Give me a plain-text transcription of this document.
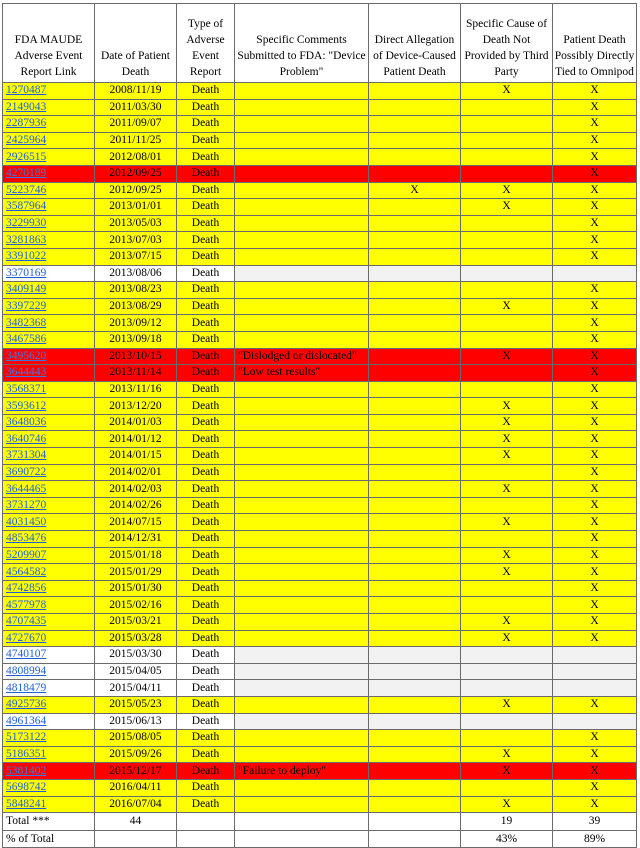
FDA MAUDE Adverse Event Report Link	Date of Patient Death	Type of Adverse Event Report	Specific Comments Submitted to FDA: "Device Problem"	Direct Allegation of Device-Caused Patient Death	Specific Cause of Death Not Provided by Third Party	Patient Death Possibly Directly Tied to Omnipod
1270487	2008/11/19	Death			X	X
2149043	2011/03/30	Death				X
2287936	2011/09/07	Death				X
2425964	2011/11/25	Death				X
2926515	2012/08/01	Death				X
4270189	2012/09/25	Death				X
5223746	2012/09/25	Death		X	X	X
3587964	2013/01/01	Death			X	X
3229930	2013/05/03	Death				X
3281863	2013/07/03	Death				X
3391022	2013/07/15	Death				X
3370169	2013/08/06	Death				
3409149	2013/08/23	Death				X
3397229	2013/08/29	Death			X	X
3482368	2013/09/12	Death				X
3467586	2013/09/18	Death				X
3495620	2013/10/15	Death	"Dislodged or dislocated"		X	X
3644443	2013/11/14	Death	"Low test results"			X
3568371	2013/11/16	Death				X
3593612	2013/12/20	Death			X	X
3648036	2014/01/03	Death			X	X
3640746	2014/01/12	Death			X	X
3731304	2014/01/15	Death			X	X
3690722	2014/02/01	Death				X
3644465	2014/02/03	Death			X	X
3731270	2014/02/26	Death				X
4031450	2014/07/15	Death			X	X
4853476	2014/12/31	Death				X
5209907	2015/01/18	Death			X	X
4564582	2015/01/29	Death			X	X
4742856	2015/01/30	Death				X
4577978	2015/02/16	Death				X
4707435	2015/03/21	Death			X	X
4727670	2015/03/28	Death			X	X
4740107	2015/03/30	Death				
4808994	2015/04/05	Death				
4818479	2015/04/11	Death				
4925736	2015/05/23	Death			X	X
4961364	2015/06/13	Death				
5173122	2015/08/05	Death				X
5186351	2015/09/26	Death			X	X
5381402	2015/12/17	Death	"Failure to deploy"		X	X
5698742	2016/04/11	Death				X
5848241	2016/07/04	Death			X	X
Total ***	44				19	39
% of Total					43%	89%
